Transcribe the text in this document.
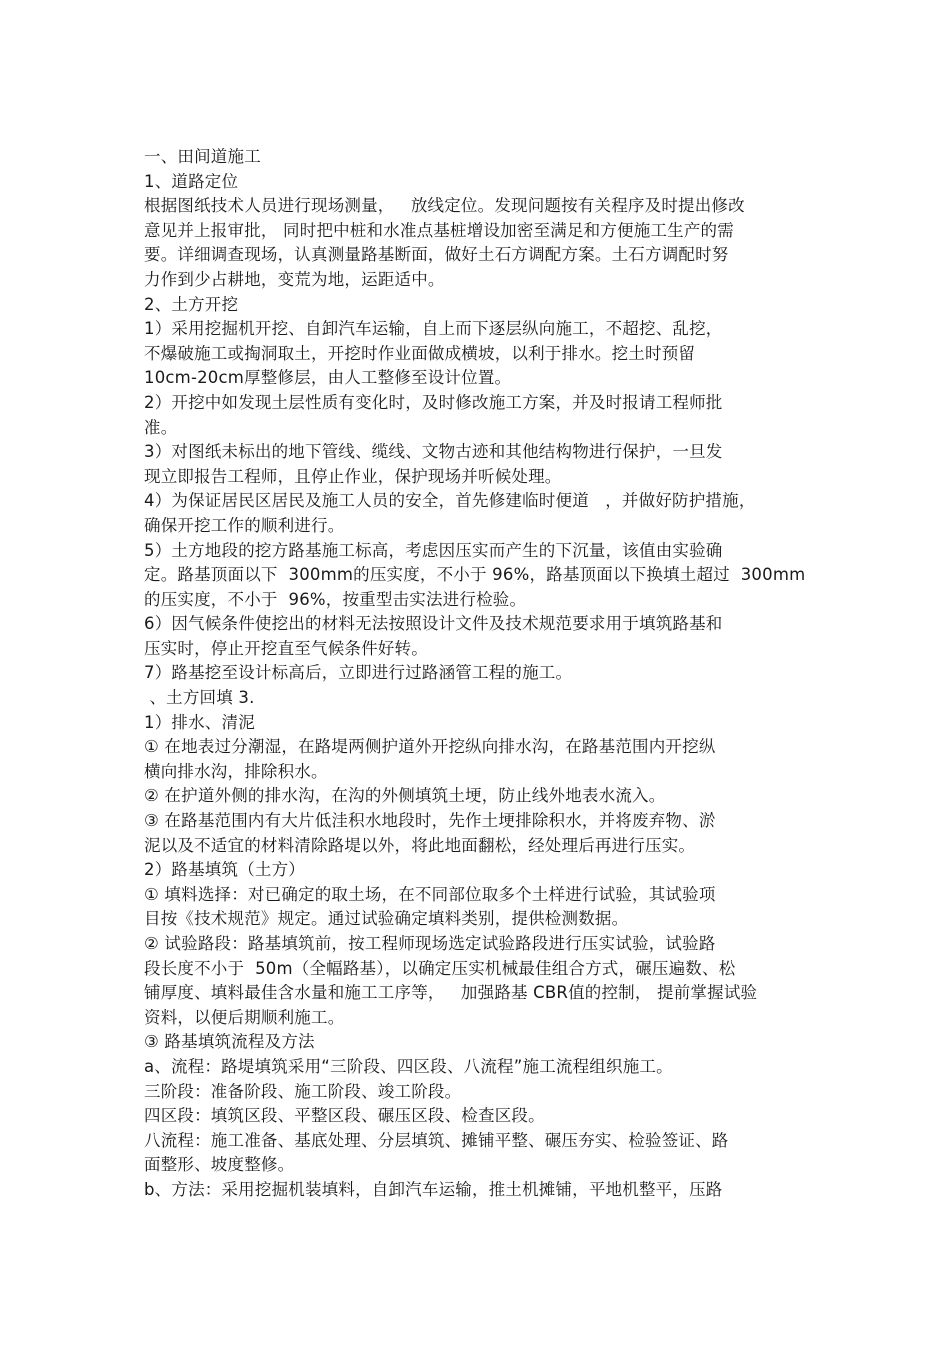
一、田间道施工
1、道路定位
根据图纸技术人员进行现场测量，   放线定位。发现问题按有关程序及时提出修改
意见并上报审批， 同时把中桩和水准点基桩增设加密至满足和方便施工生产的需
要。详细调查现场，认真测量路基断面，做好土石方调配方案。土石方调配时努
力作到少占耕地，变荒为地，运距适中。
2、土方开挖
1）采用挖掘机开挖、自卸汽车运输，自上而下逐层纵向施工，不超挖、乱挖，
不爆破施工或掏洞取土，开挖时作业面做成横坡，以利于排水。挖土时预留
10cm-20cm厚整修层，由人工整修至设计位置。
2）开挖中如发现土层性质有变化时，及时修改施工方案，并及时报请工程师批
准。
3）对图纸未标出的地下管线、缆线、文物古迹和其他结构物进行保护，一旦发
现立即报告工程师，且停止作业，保护现场并听候处理。
4）为保证居民区居民及施工人员的安全，首先修建临时便道   ，并做好防护措施，
确保开挖工作的顺利进行。
5）土方地段的挖方路基施工标高，考虑因压实而产生的下沉量，该值由实验确
定。路基顶面以下  300mm的压实度，不小于 96%，路基顶面以下换填土超过  300mm
的压实度，不小于  96%，按重型击实法进行检验。
6）因气候条件使挖出的材料无法按照设计文件及技术规范要求用于填筑路基和
压实时，停止开挖直至气候条件好转。
7）路基挖至设计标高后，立即进行过路涵管工程的施工。
、土方回填 3.
1）排水、清泥
① 在地表过分潮湿，在路堤两侧护道外开挖纵向排水沟，在路基范围内开挖纵
横向排水沟，排除积水。
② 在护道外侧的排水沟，在沟的外侧填筑土埂，防止线外地表水流入。
③ 在路基范围内有大片低洼积水地段时，先作土埂排除积水，并将废弃物、淤
泥以及不适宜的材料清除路堤以外，将此地面翻松，经处理后再进行压实。
2）路基填筑（土方）
① 填料选择：对已确定的取土场，在不同部位取多个土样进行试验，其试验项
目按《技术规范》规定。通过试验确定填料类别，提供检测数据。
② 试验路段：路基填筑前，按工程师现场选定试验路段进行压实试验，试验路
段长度不小于  50m（全幅路基），以确定压实机械最佳组合方式，碾压遍数、松
铺厚度、填料最佳含水量和施工工序等，   加强路基 CBR值的控制， 提前掌握试验
资料，以便后期顺利施工。
③ 路基填筑流程及方法
a、流程：路堤填筑采用“三阶段、四区段、八流程”施工流程组织施工。
三阶段：准备阶段、施工阶段、竣工阶段。
四区段：填筑区段、平整区段、碾压区段、检查区段。
八流程：施工准备、基底处理、分层填筑、摊铺平整、碾压夯实、检验签证、路
面整形、坡度整修。
b、方法：采用挖掘机装填料，自卸汽车运输，推土机摊铺，平地机整平，压路
